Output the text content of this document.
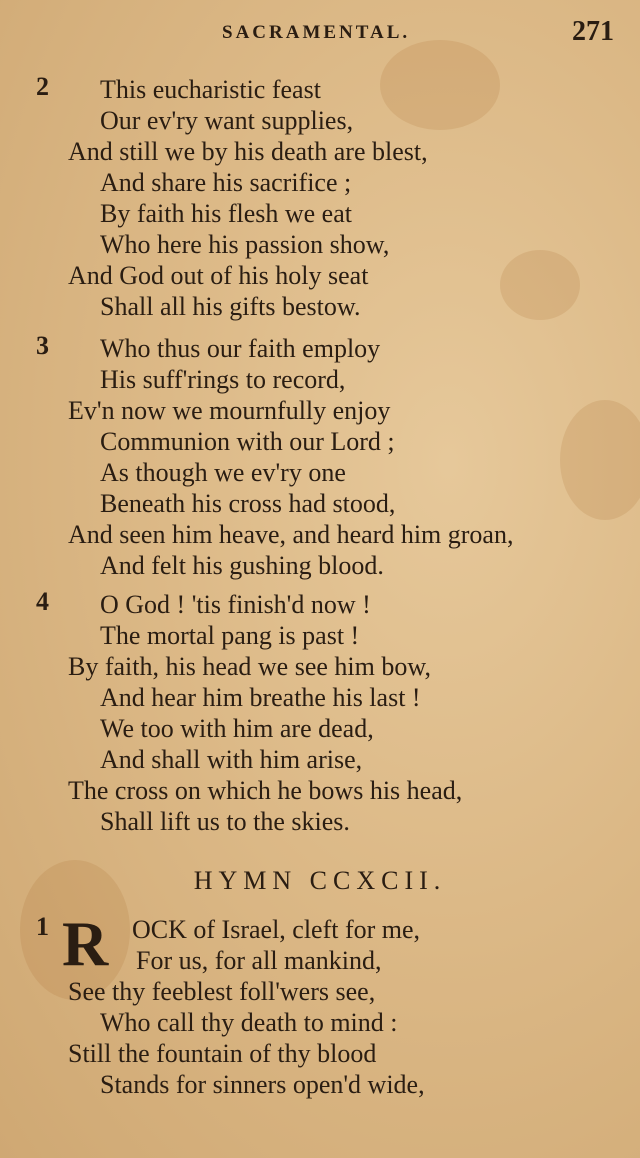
SACRAMENTAL.	271
2 This eucharistic feast
Our ev'ry want supplies,
And still we by his death are blest,
And share his sacrifice ;
By faith his flesh we eat
Who here his passion show,
And God out of his holy seat
Shall all his gifts bestow.
3 Who thus our faith employ
His suff'rings to record,
Ev'n now we mournfully enjoy
Communion with our Lord ;
As though we ev'ry one
Beneath his cross had stood,
And seen him heave, and heard him groan,
And felt his gushing blood.
4 O God ! 'tis finish'd now !
The mortal pang is past !
By faith, his head we see him bow,
And hear him breathe his last !
We too with him are dead,
And shall with him arise,
The cross on which he bows his head,
Shall lift us to the skies.
HYMN CCXCII.
1	OCK of Israel, cleft for me,
For us, for all mankind,
See thy feeblest foll'wers see,
Who call thy death to mind :
Still the fountain of thy blood
Stands for sinners open'd wide,
R
